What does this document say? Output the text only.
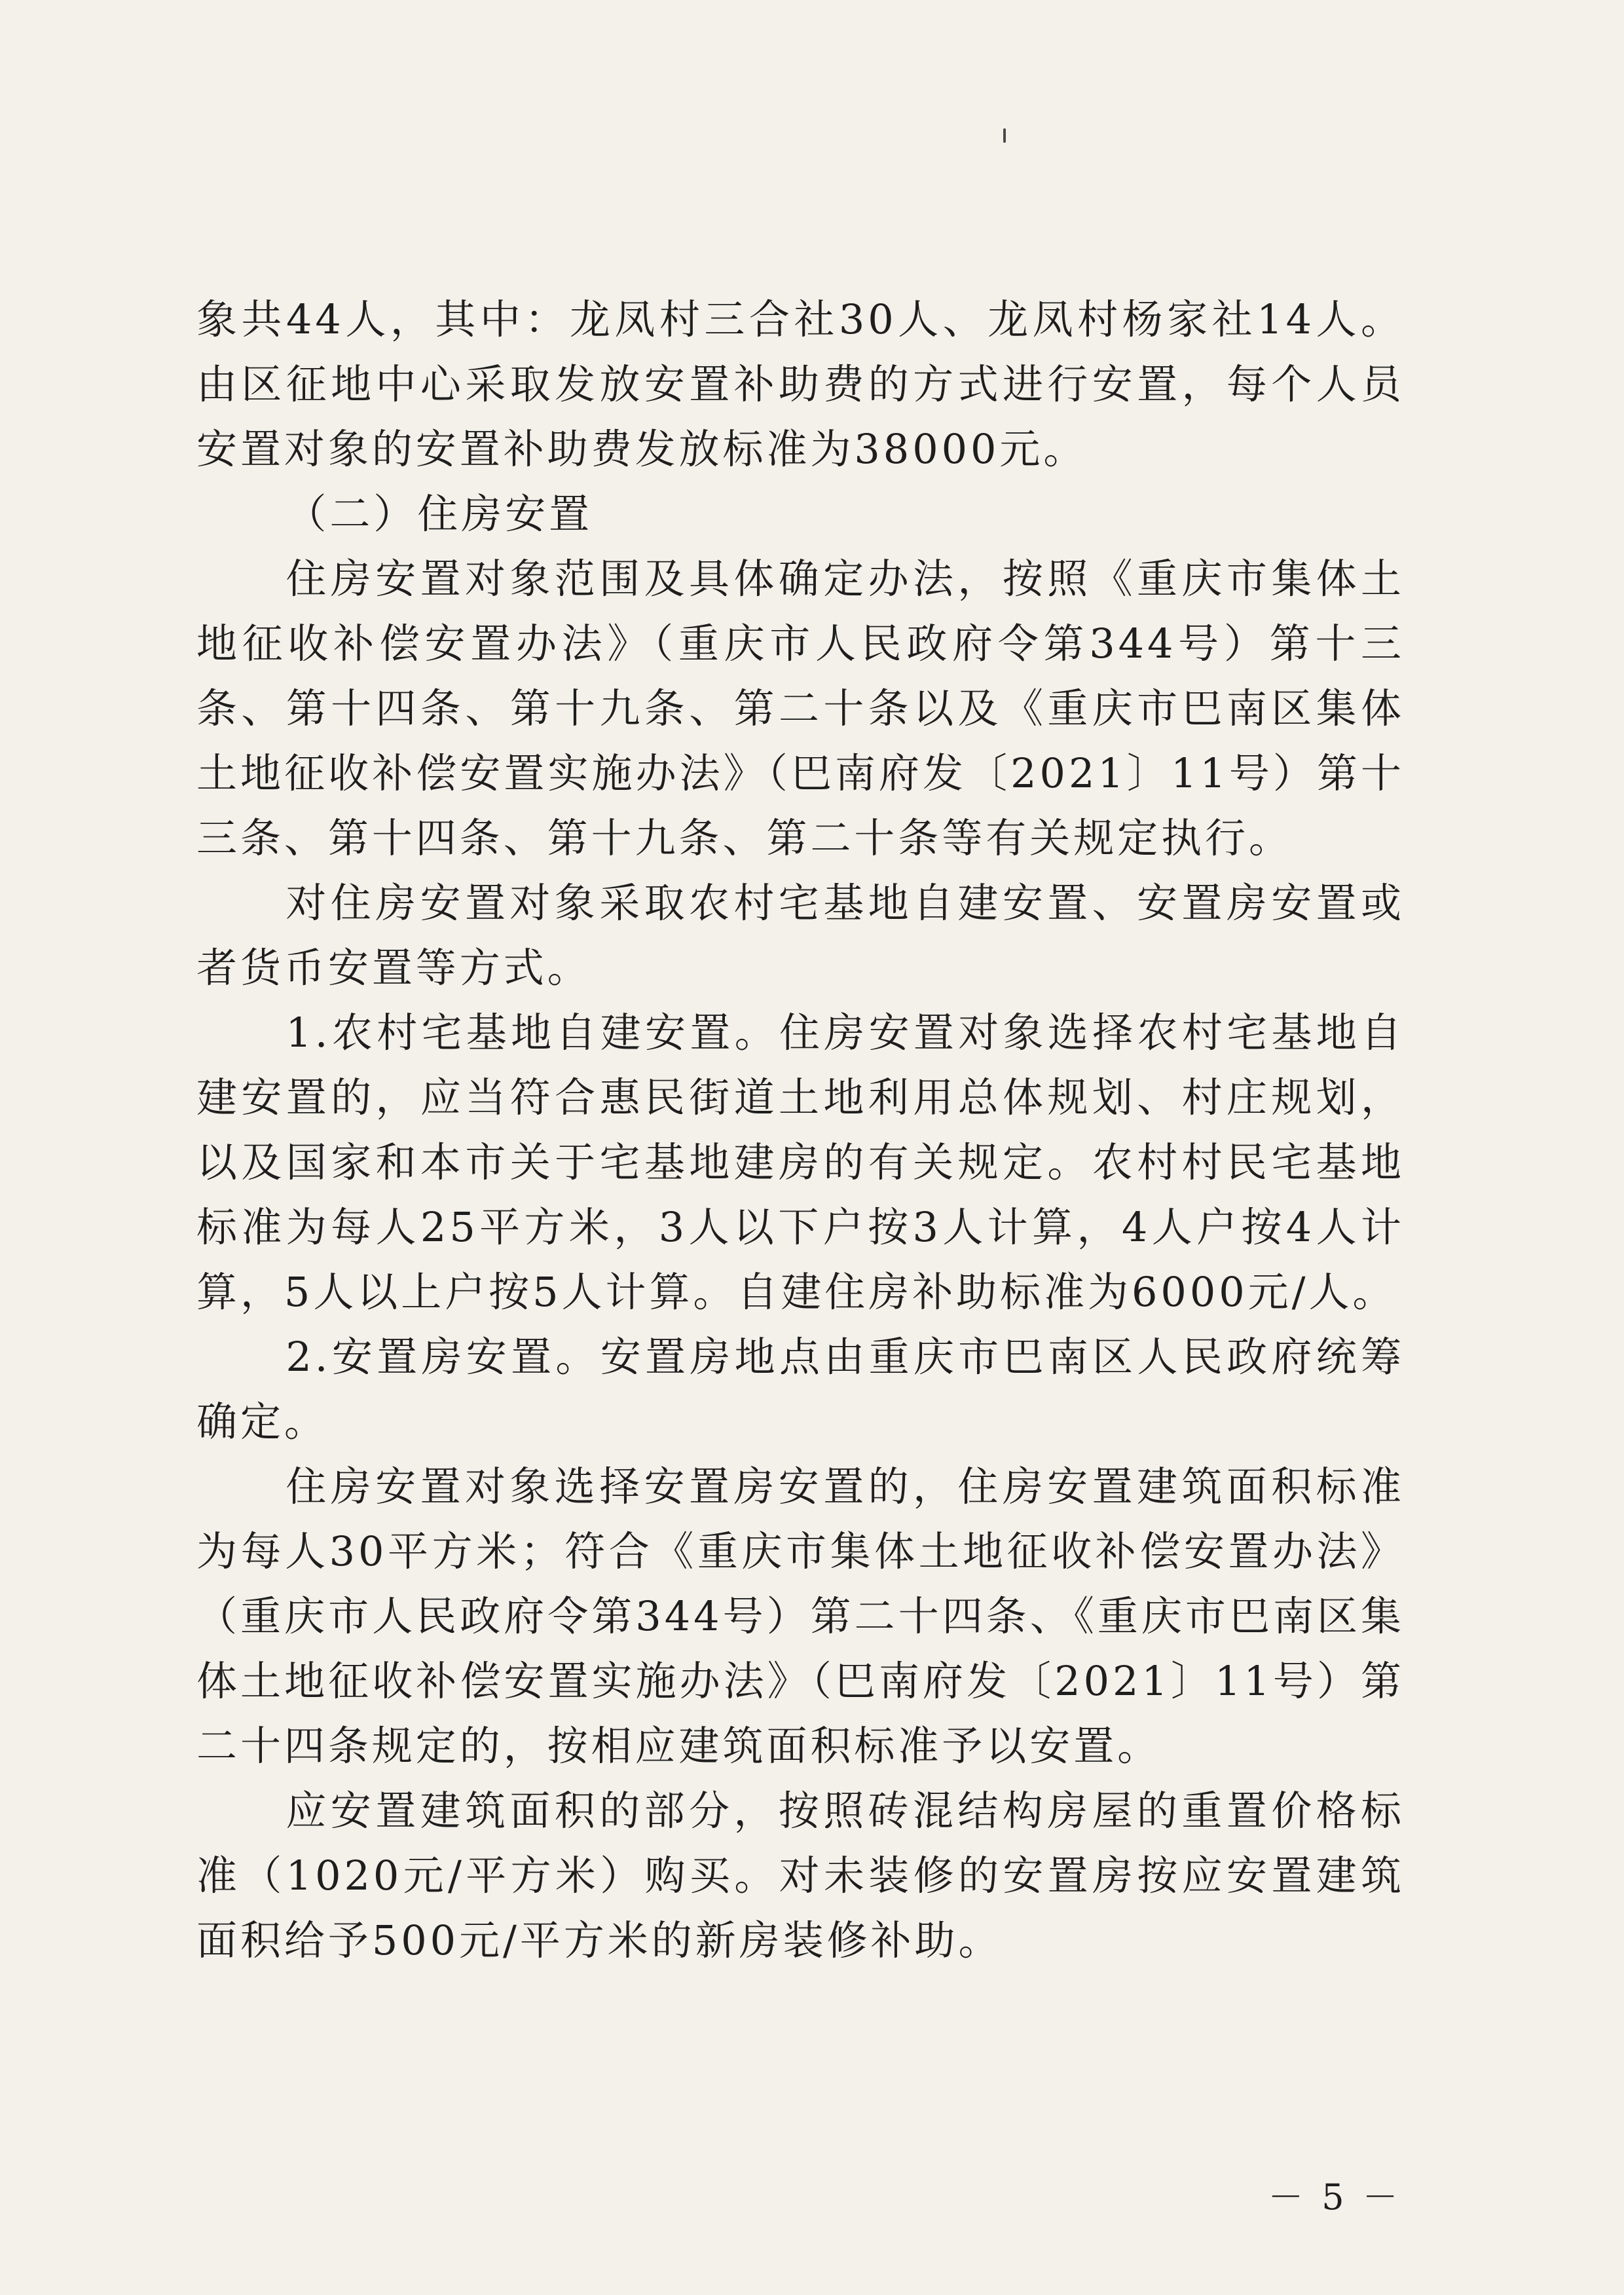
象共44人，其中：龙凤村三合社30人、龙凤村杨家社14人。由区征地中心采取发放安置补助费的方式进行安置，每个人员安置对象的安置补助费发放标准为38000元。

（二）住房安置

住房安置对象范围及具体确定办法，按照《重庆市集体土地征收补偿安置办法》（重庆市人民政府令第344号）第十三条、第十四条、第十九条、第二十条以及《重庆市巴南区集体土地征收补偿安置实施办法》（巴南府发〔2021〕11号）第十三条、第十四条、第十九条、第二十条等有关规定执行。

对住房安置对象采取农村宅基地自建安置、安置房安置或者货币安置等方式。

1.农村宅基地自建安置。住房安置对象选择农村宅基地自建安置的，应当符合惠民街道土地利用总体规划、村庄规划，以及国家和本市关于宅基地建房的有关规定。农村村民宅基地标准为每人25平方米，3人以下户按3人计算，4人户按4人计算，5人以上户按5人计算。自建住房补助标准为6000元/人。

2.安置房安置。安置房地点由重庆市巴南区人民政府统筹确定。

住房安置对象选择安置房安置的，住房安置建筑面积标准为每人30平方米；符合《重庆市集体土地征收补偿安置办法》（重庆市人民政府令第344号）第二十四条、《重庆市巴南区集体土地征收补偿安置实施办法》（巴南府发〔2021〕11号）第二十四条规定的，按相应建筑面积标准予以安置。

应安置建筑面积的部分，按照砖混结构房屋的重置价格标准（1020元/平方米）购买。对未装修的安置房按应安置建筑面积给予500元/平方米的新房装修补助。

－ 5 －
